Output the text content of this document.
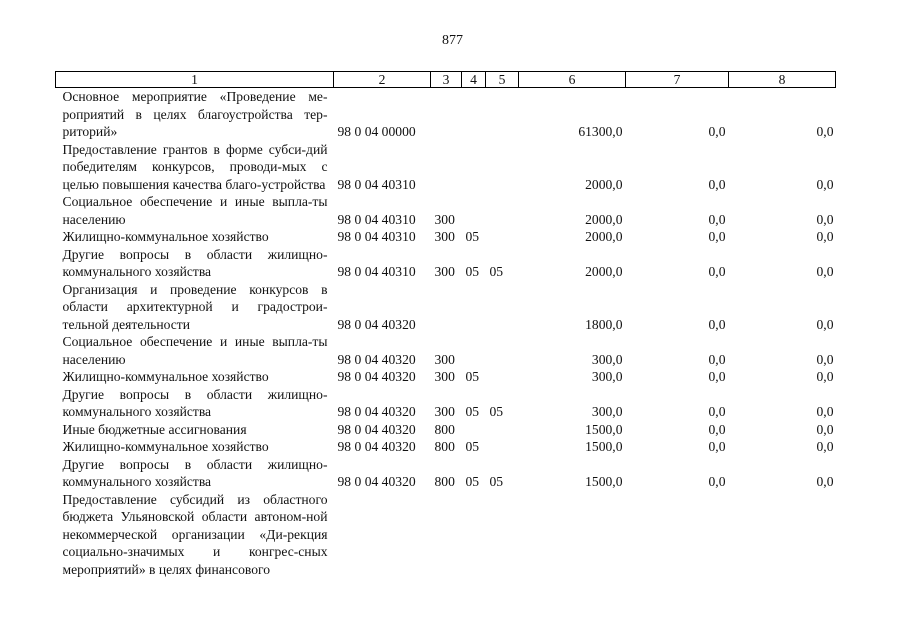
877
1	2	3	4	5	6	7	8
Основное мероприятие «Проведение ме-роприятий в целях благоустройства тер-риторий»	98 0 04 00000				61300,0	0,0	0,0
Предоставление грантов в форме субси-дий победителям конкурсов, проводи-мых с целью повышения качества благо-устройства	98 0 04 40310				2000,0	0,0	0,0
Социальное обеспечение и иные выпла-ты населению	98 0 04 40310	300			2000,0	0,0	0,0
Жилищно-коммунальное хозяйство	98 0 04 40310	300	05		2000,0	0,0	0,0
Другие вопросы в области жилищно-коммунального хозяйства	98 0 04 40310	300	05	05	2000,0	0,0	0,0
Организация и проведение конкурсов в области архитектурной и градострои-тельной деятельности	98 0 04 40320				1800,0	0,0	0,0
Социальное обеспечение и иные выпла-ты населению	98 0 04 40320	300			300,0	0,0	0,0
Жилищно-коммунальное хозяйство	98 0 04 40320	300	05		300,0	0,0	0,0
Другие вопросы в области жилищно-коммунального хозяйства	98 0 04 40320	300	05	05	300,0	0,0	0,0
Иные бюджетные ассигнования	98 0 04 40320	800			1500,0	0,0	0,0
Жилищно-коммунальное хозяйство	98 0 04 40320	800	05		1500,0	0,0	0,0
Другие вопросы в области жилищно-коммунального хозяйства	98 0 04 40320	800	05	05	1500,0	0,0	0,0
Предоставление субсидий из областного бюджета Ульяновской области автоном-ной некоммерческой организации «Ди-рекция социально-значимых и конгрес-сных мероприятий» в целях финансового							
